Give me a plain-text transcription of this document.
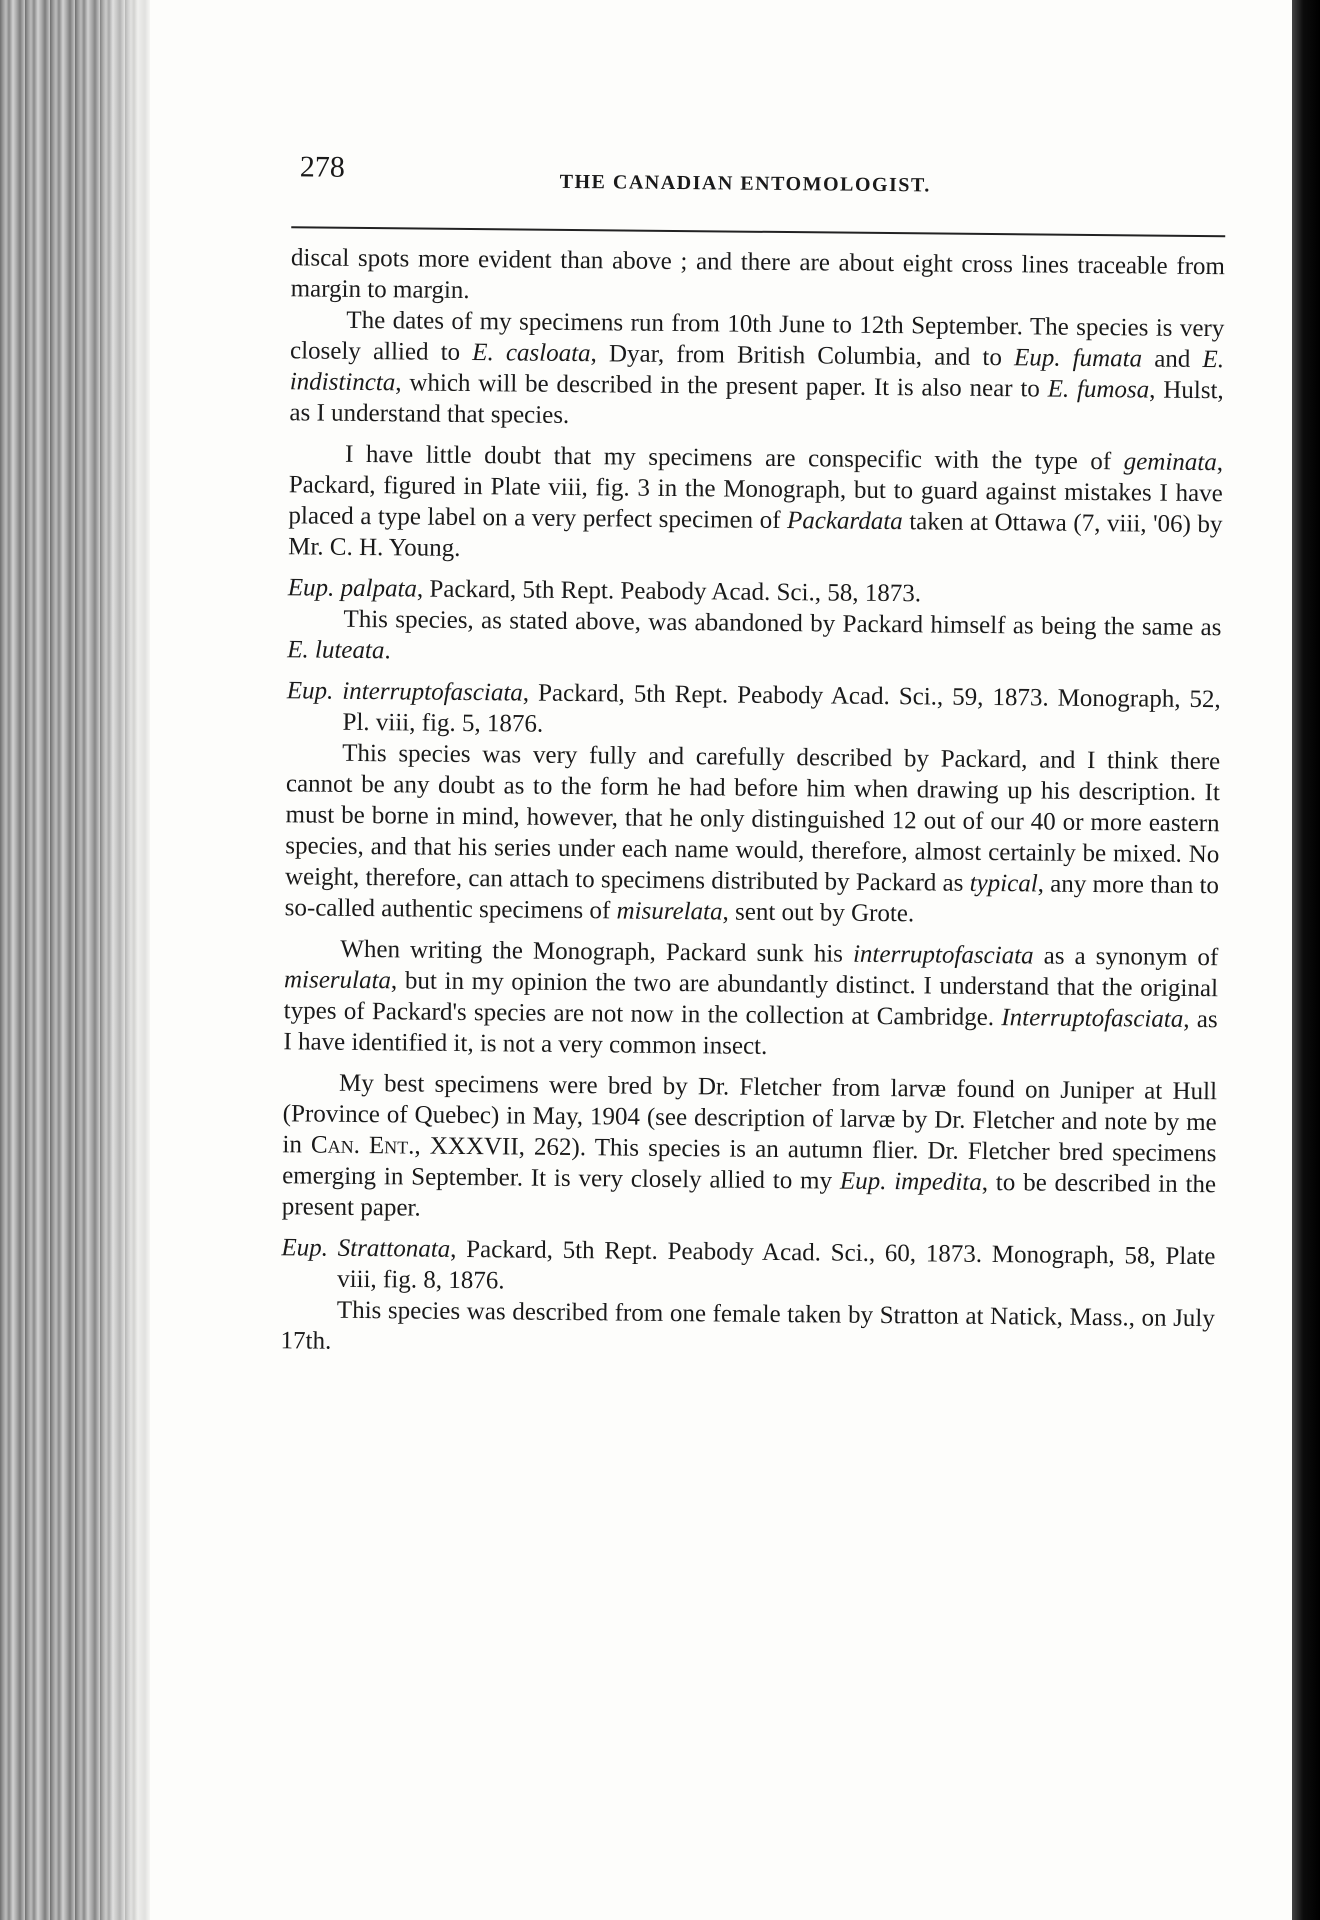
278	THE CANADIAN ENTOMOLOGIST.

discal spots more evident than above ; and there are about eight cross lines traceable from margin to margin.

The dates of my specimens run from 10th June to 12th September. The species is very closely allied to E. casloata, Dyar, from British Columbia, and to Eup. fumata and E. indistincta, which will be described in the present paper. It is also near to E. fumosa, Hulst, as I understand that species.

I have little doubt that my specimens are conspecific with the type of geminata, Packard, figured in Plate viii, fig. 3 in the Monograph, but to guard against mistakes I have placed a type label on a very perfect specimen of Packardata taken at Ottawa (7, viii, '06) by Mr. C. H. Young.

Eup. palpata, Packard, 5th Rept. Peabody Acad. Sci., 58, 1873.

This species, as stated above, was abandoned by Packard himself as being the same as E. luteata.

Eup. interruptofasciata, Packard, 5th Rept. Peabody Acad. Sci., 59, 1873. Monograph, 52, Pl. viii, fig. 5, 1876.

This species was very fully and carefully described by Packard, and I think there cannot be any doubt as to the form he had before him when drawing up his description. It must be borne in mind, however, that he only distinguished 12 out of our 40 or more eastern species, and that his series under each name would, therefore, almost certainly be mixed. No weight, therefore, can attach to specimens distributed by Packard as typical, any more than to so-called authentic specimens of misurelata, sent out by Grote.

When writing the Monograph, Packard sunk his interruptofasciata as a synonym of miserulata, but in my opinion the two are abundantly distinct. I understand that the original types of Packard's species are not now in the collection at Cambridge. Interruptofasciata, as I have identified it, is not a very common insect.

My best specimens were bred by Dr. Fletcher from larvæ found on Juniper at Hull (Province of Quebec) in May, 1904 (see description of larvæ by Dr. Fletcher and note by me in Can. Ent., XXXVII, 262). This species is an autumn flier. Dr. Fletcher bred specimens emerging in September. It is very closely allied to my Eup. impedita, to be described in the present paper.

Eup. Strattonata, Packard, 5th Rept. Peabody Acad. Sci., 60, 1873. Monograph, 58, Plate viii, fig. 8, 1876.

This species was described from one female taken by Stratton at Natick, Mass., on July 17th.
